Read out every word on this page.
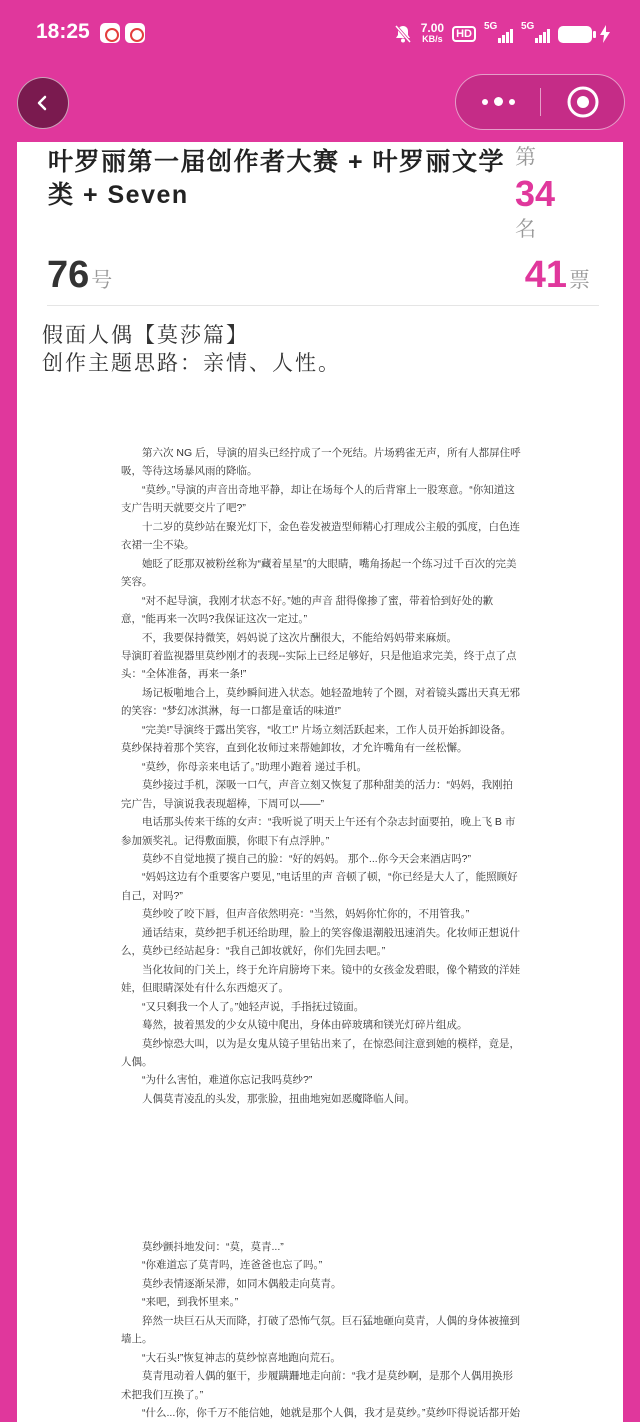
18:25	7.00
KB/s	HD
5G 5G
叶罗丽第一届创作者大赛 + 叶罗丽文学类 + Seven
第
34
名
76号	41票
假面人偶【莫莎篇】
创作主题思路：亲情、人性。

　　第六次 NG 后，导演的眉头已经拧成了一个死结。片场鸦雀无声，所有人都屏住呼吸，等待这场暴风雨的降临。

　　“莫纱。”导演的声音出奇地平静，却让在场每个人的后背窜上一股寒意。“你知道这支广告明天就要交片了吧?”

　　十二岁的莫纱站在聚光灯下，金色卷发被造型师精心打理成公主般的弧度，白色连衣裙一尘不染。

　　她眨了眨那双被粉丝称为“藏着星星”的大眼睛，嘴角扬起一个练习过千百次的完美笑容。

　　“对不起导演，我刚才状态不好。”她的声音 甜得像掺了蜜，带着恰到好处的歉意，“能再来一次吗?我保证这次一定过。”

　　不，我要保持微笑，妈妈说了这次片酬很大，不能给妈妈带来麻烦。

导演盯着监视器里莫纱刚才的表现--实际上已经足够好，只是他追求完美，终于点了点头：“全体准备，再来一条!”

　　场记板啪地合上，莫纱瞬间进入状态。她轻盈地转了个圈，对着镜头露出天真无邪的笑容：“梦幻冰淇淋，每一口都是童话的味道!”

　　“完美!”导演终于露出笑容，“收工!” 片场立刻活跃起来，工作人员开始拆卸设备。莫纱保持着那个笑容，直到化妆师过来帮她卸妆，才允许嘴角有一丝松懈。

　　“莫纱，你母亲来电话了。”助理小跑着 递过手机。

　　莫纱接过手机，深吸一口气，声音立刻又恢复了那种甜美的活力：“妈妈，我刚拍完广告，导演说我表现超棒，下周可以——”

　　电话那头传来干练的女声：“我听说了明天上午还有个杂志封面要拍，晚上飞 B 市参加颁奖礼。记得敷面膜，你眼下有点浮肿。”

　　莫纱不自觉地摸了摸自己的脸：“好的妈妈。 那个...你今天会来酒店吗?”

　　“妈妈这边有个重要客户要见，”电话里的声 音顿了顿，“你已经是大人了，能照顾好自己，对吗?”

　　莫纱咬了咬下唇，但声音依然明亮：“当然，妈妈你忙你的，不用管我。”

　　通话结束，莫纱把手机还给助理，脸上的笑容像退潮般迅速消失。化妆师正想说什么，莫纱已经站起身：“我自己卸妆就好，你们先回去吧。”

　　当化妆间的门关上，终于允许肩膀垮下来。镜中的女孩金发碧眼，像个精致的洋娃娃，但眼睛深处有什么东西熄灭了。

　　“又只剩我一个人了。”她轻声说，手指抚过镜面。

　　蓦然，披着黑发的少女从镜中爬出，身体由碎玻璃和镁光灯碎片组成。

　　莫纱惊恐大叫，以为是女鬼从镜子里钻出来了，在惊恐间注意到她的模样，竟是，人偶。

　　“为什么害怕，难道你忘记我吗莫纱?”

　　人偶莫青凌乱的头发，那张脸，扭曲地宛如恶魔降临人间。

　　莫纱颤抖地发问：“莫，莫青...”

　　“你难道忘了莫青吗，连爸爸也忘了吗。”

　　莫纱表情逐渐呆滞，如同木偶般走向莫青。

　　“来吧，到我怀里来。”

　　猝然一块巨石从天而降，打破了恐怖气氛。巨石猛地砸向莫青，人偶的身体被撞到墙上。

　　“大石头!”恢复神志的莫纱惊喜地跑向荒石。

　　莫青甩动着人偶的躯干，步履蹒跚地走向前：“我才是莫纱啊，是那个人偶用换形术把我们互换了。”

　　“什么...你，你千万不能信她，她就是那个人偶，我才是莫纱。”莫纱吓得说话都开始
